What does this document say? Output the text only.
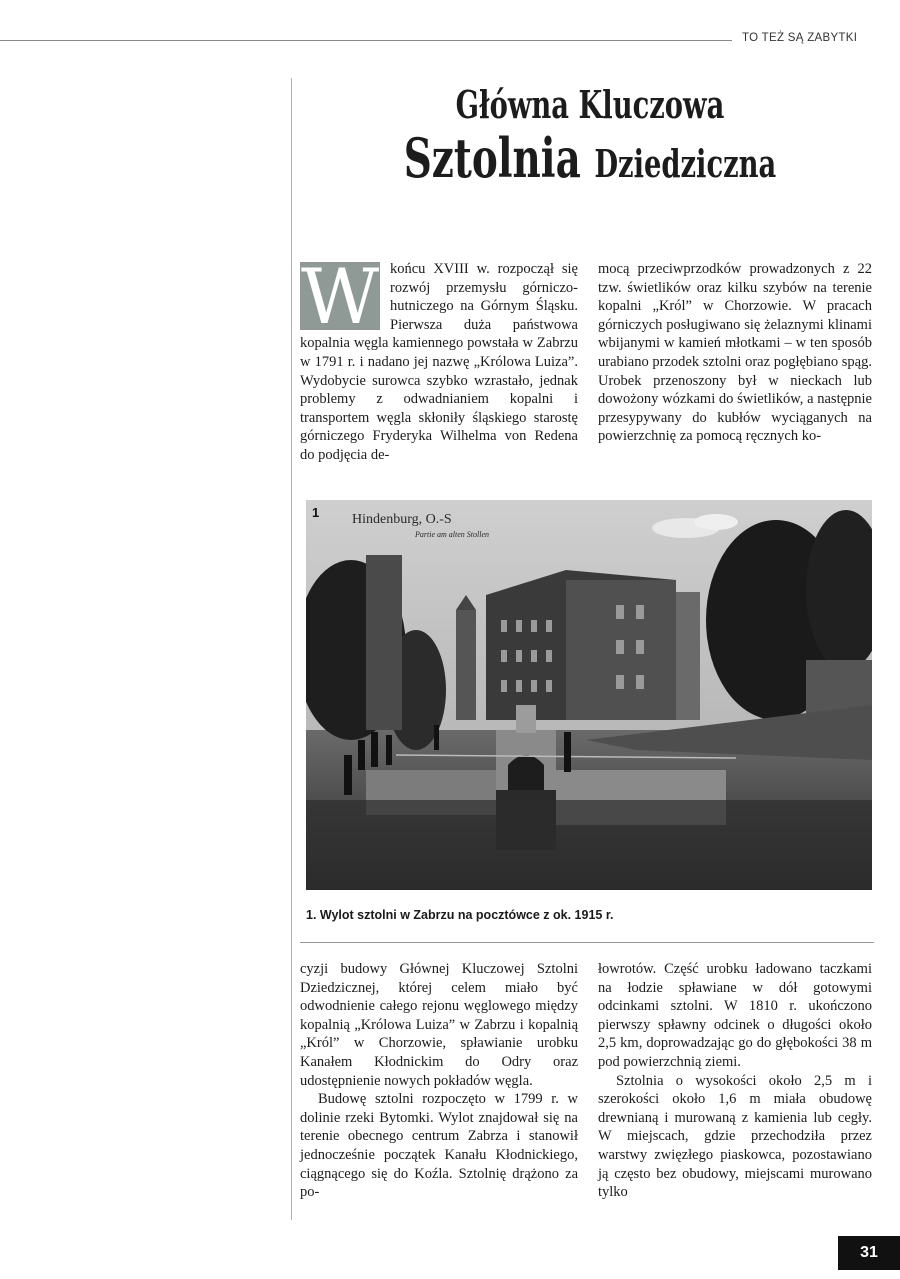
TO TEŻ SĄ ZABYTKI
Główna Kluczowa
Sztolnia Dziedziczna

W końcu XVIII w. rozpoczął się rozwój przemysłu górniczo-hutniczego na Górnym Śląsku. Pierwsza duża państwowa kopalnia węgla kamiennego powstała w Zabrzu w 1791 r. i nadano jej nazwę „Królowa Luiza”. Wydobycie surowca szybko wzrastało, jednak problemy z odwadnianiem kopalni i transportem węgla skłoniły śląskiego starostę górniczego Fryderyka Wilhelma von Redena do podjęcia de-

mocą przeciwprzodków prowadzonych z 22 tzw. świetlików oraz kilku szybów na terenie kopalni „Król” w Chorzowie. W pracach górniczych posługiwano się żelaznymi klinami wbijanymi w kamień młotkami – w ten sposób urabiano przodek sztolni oraz pogłębiano spąg. Urobek przenoszony był w nieckach lub dowożony wózkami do świetlików, a następnie przesypywany do kubłów wyciąganych na powierzchnię za pomocą ręcznych ko-

1 Hindenburg, O.-S
Partie am alten Stollen
1. Wylot sztolni w Zabrzu na pocztówce z ok. 1915 r.

cyzji budowy Głównej Kluczowej Sztolni Dziedzicznej, której celem miało być odwodnienie całego rejonu węglowego między kopalnią „Królowa Luiza” w Zabrzu i kopalnią „Król” w Chorzowie, spławianie urobku Kanałem Kłodnickim do Odry oraz udostępnienie nowych pokładów węgla.

Budowę sztolni rozpoczęto w 1799 r. w dolinie rzeki Bytomki. Wylot znajdował się na terenie obecnego centrum Zabrza i stanowił jednocześnie początek Kanału Kłodnickiego, ciągnącego się do Koźla. Sztolnię drążono za po-

łowrotów. Część urobku ładowano taczkami na łodzie spławiane w dół gotowymi odcinkami sztolni. W 1810 r. ukończono pierwszy spławny odcinek o długości około 2,5 km, doprowadzając go do głębokości 38 m pod powierzchnią ziemi.

Sztolnia o wysokości około 2,5 m i szerokości około 1,6 m miała obudowę drewnianą i murowaną z kamienia lub cegły. W miejscach, gdzie przechodziła przez warstwy zwięzłego piaskowca, pozostawiano ją często bez obudowy, miejscami murowano tylko

31
